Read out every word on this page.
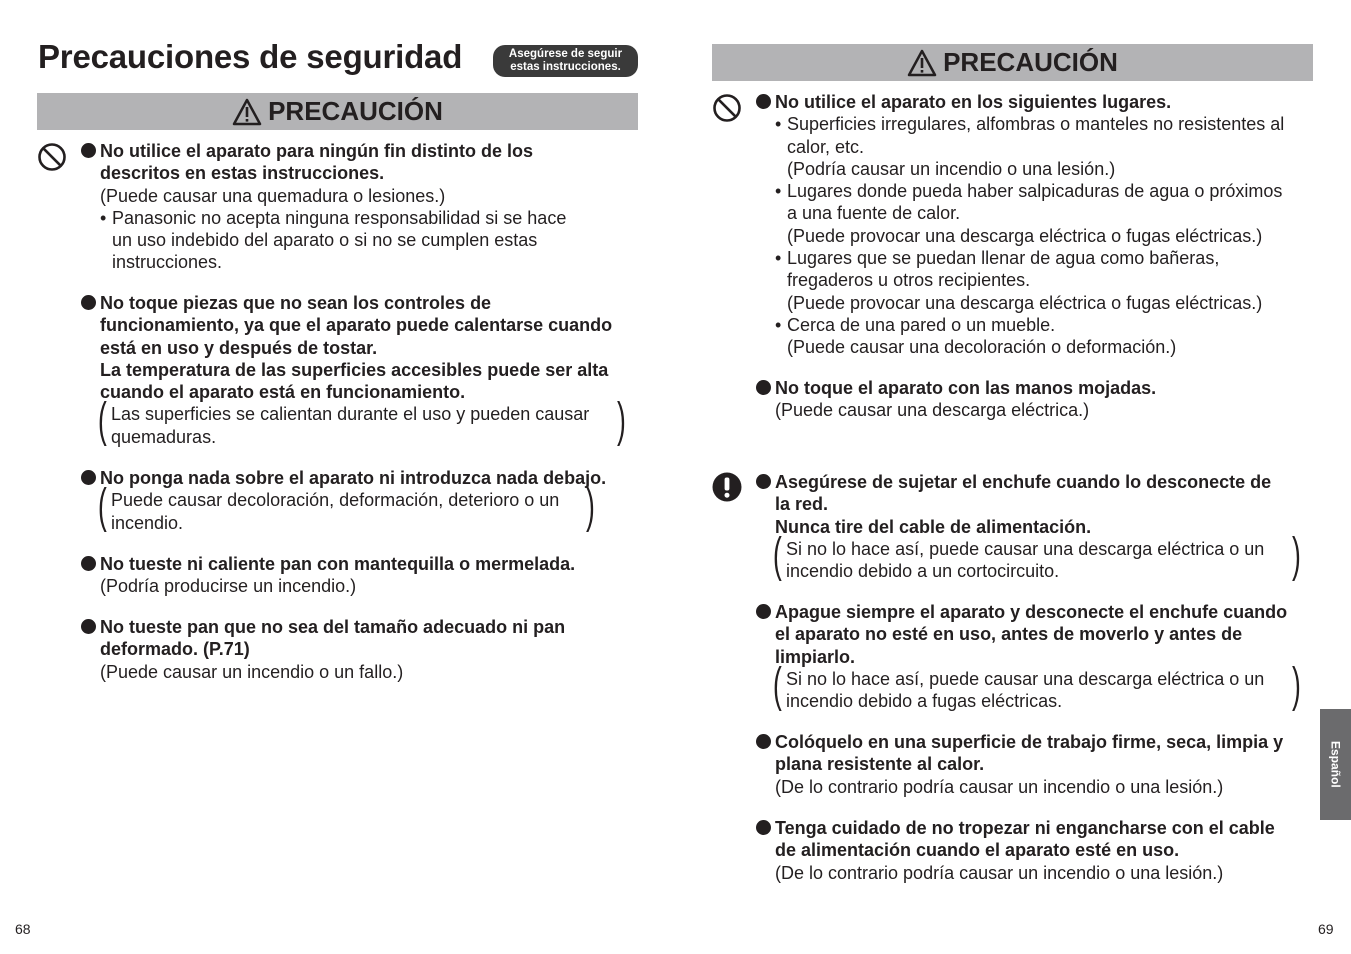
Precauciones de seguridad	Asegúrese de seguir
estas instrucciones.
PRECAUCIÓN
No utilice el aparato para ningún fin distinto de los
descritos en estas instrucciones.
(Puede causar una quemadura o lesiones.)
• Panasonic no acepta ninguna responsabilidad si se hace
un uso indebido del aparato o si no se cumplen estas
instrucciones.
No toque piezas que no sean los controles de
funcionamiento, ya que el aparato puede calentarse cuando
está en uso y después de tostar.
La temperatura de las superficies accesibles puede ser alta
cuando el aparato está en funcionamiento.
(	)
Las superficies se calientan durante el uso y pueden causar
quemaduras.
No ponga nada sobre el aparato ni introduzca nada debajo.
(	)
Puede causar decoloración, deformación, deterioro o un
incendio.
No tueste ni caliente pan con mantequilla o mermelada.
(Podría producirse un incendio.)
No tueste pan que no sea del tamaño adecuado ni pan
deformado. (P.71)
(Puede causar un incendio o un fallo.)
68
PRECAUCIÓN
No utilice el aparato en los siguientes lugares.
• Superficies irregulares, alfombras o manteles no resistentes al
calor, etc.
(Podría causar un incendio o una lesión.)
• Lugares donde pueda haber salpicaduras de agua o próximos
a una fuente de calor.
(Puede provocar una descarga eléctrica o fugas eléctricas.)
• Lugares que se puedan llenar de agua como bañeras,
fregaderos u otros recipientes.
(Puede provocar una descarga eléctrica o fugas eléctricas.)
• Cerca de una pared o un mueble.
(Puede causar una decoloración o deformación.)
No toque el aparato con las manos mojadas.
(Puede causar una descarga eléctrica.)
Asegúrese de sujetar el enchufe cuando lo desconecte de
la red.
Nunca tire del cable de alimentación.
(	)
Si no lo hace así, puede causar una descarga eléctrica o un
incendio debido a un cortocircuito.
Apague siempre el aparato y desconecte el enchufe cuando
el aparato no esté en uso, antes de moverlo y antes de
limpiarlo.
(	)
Si no lo hace así, puede causar una descarga eléctrica o un
incendio debido a fugas eléctricas.
Colóquelo en una superficie de trabajo firme, seca, limpia y
plana resistente al calor.
(De lo contrario podría causar un incendio o una lesión.)
Tenga cuidado de no tropezar ni engancharse con el cable
de alimentación cuando el aparato esté en uso.
(De lo contrario podría causar un incendio o una lesión.)
Español
69
